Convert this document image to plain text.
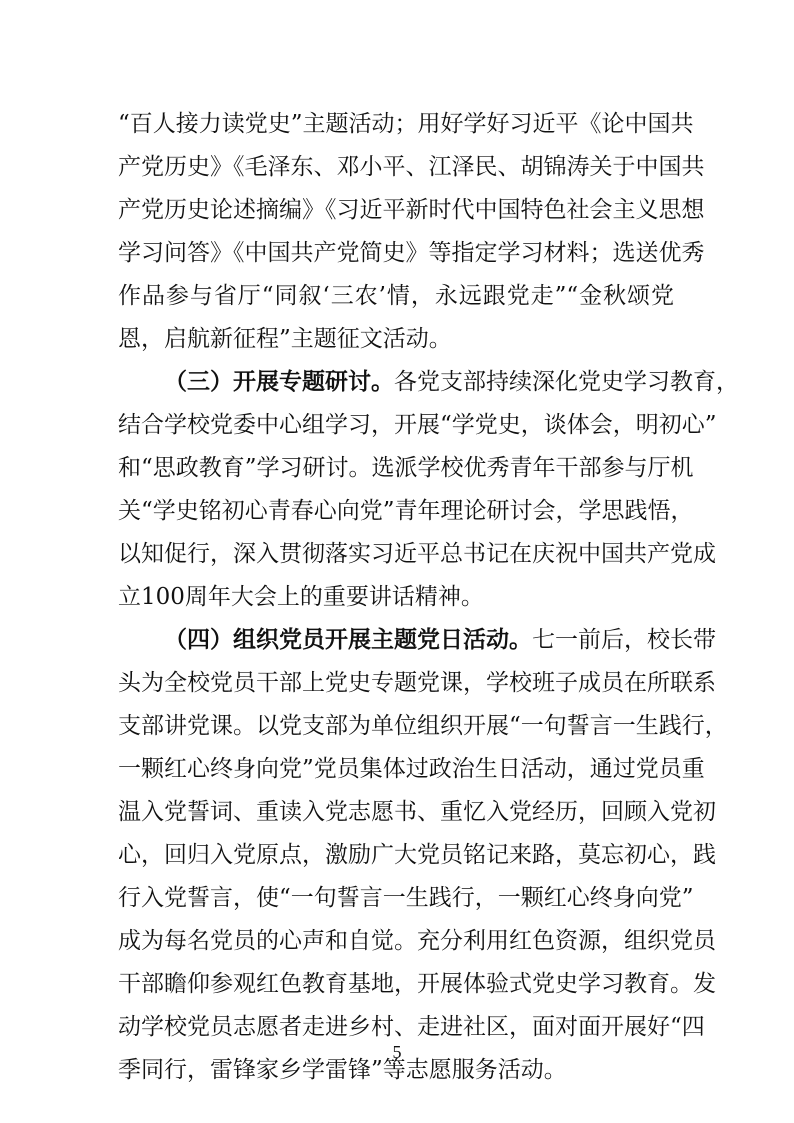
“百人接力读党史”主题活动；用好学好习近平《论中国共
产党历史》《毛泽东、邓小平、江泽民、胡锦涛关于中国共
产党历史论述摘编》《习近平新时代中国特色社会主义思想
学习问答》《中国共产党简史》等指定学习材料；选送优秀
作品参与省厅“同叙‘三农’情，永远跟党走”“金秋颂党
恩，启航新征程”主题征文活动。
（三）开展专题研讨。各党支部持续深化党史学习教育，
结合学校党委中心组学习，开展“学党史，谈体会，明初心”
和“思政教育”学习研讨。选派学校优秀青年干部参与厅机
关“学史铭初心青春心向党”青年理论研讨会，学思践悟，
以知促行，深入贯彻落实习近平总书记在庆祝中国共产党成
立100周年大会上的重要讲话精神。
（四）组织党员开展主题党日活动。七一前后，校长带
头为全校党员干部上党史专题党课，学校班子成员在所联系
支部讲党课。以党支部为单位组织开展“一句誓言一生践行，
一颗红心终身向党”党员集体过政治生日活动，通过党员重
温入党誓词、重读入党志愿书、重忆入党经历，回顾入党初
心，回归入党原点，激励广大党员铭记来路，莫忘初心，践
行入党誓言，使“一句誓言一生践行，一颗红心终身向党”
成为每名党员的心声和自觉。充分利用红色资源，组织党员
干部瞻仰参观红色教育基地，开展体验式党史学习教育。发
动学校党员志愿者走进乡村、走进社区，面对面开展好“四
季同行，雷锋家乡学雷锋”等志愿服务活动。
5
